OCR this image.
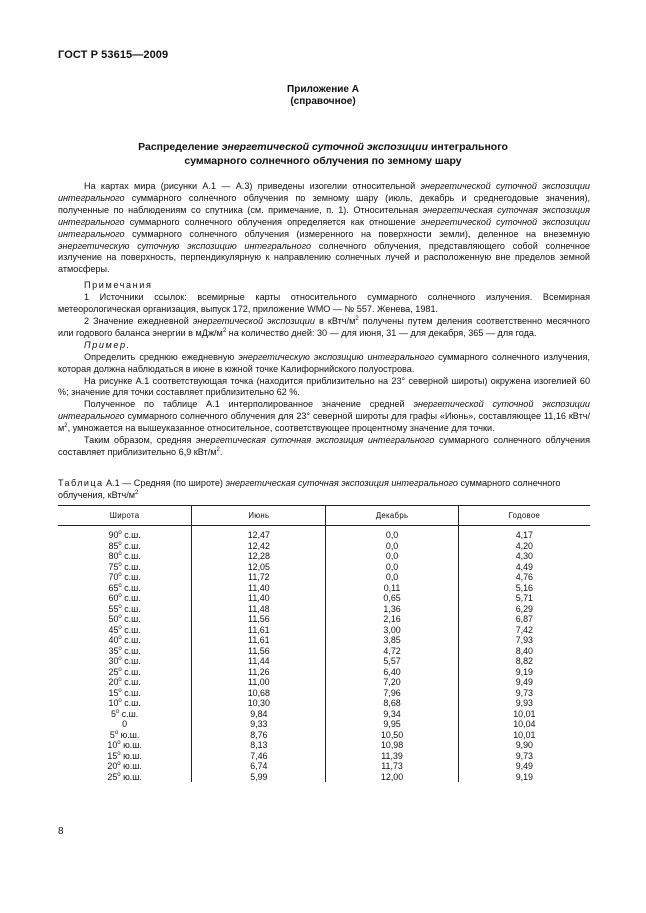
ГОСТ Р 53615—2009
Приложение А
(справочное)
Распределение энергетической суточной экспозиции интегрального
суммарного солнечного облучения по земному шару

На картах мира (рисунки А.1 — А.3) приведены изогелии относительной энергетической суточной экспозиции интегрального суммарного солнечного облучения по земному шару (июль, декабрь и среднегодовые значения), полученные по наблюдениям со спутника (см. примечание, п. 1). Относительная энергетическая суточная экспозиция интегрального суммарного солнечного облучения определяется как отношение энергетической суточной экспозиции интегрального суммарного солнечного облучения (измеренного на поверхности земли), деленное на внеземную энергетическую суточную экспозицию интегрального солнечного облучения, представляющего собой солнечное излучение на поверхность, перпендикулярную к направлению солнечных лучей и расположенную вне пределов земной атмосферы.

Примечания

1 Источники ссылок: всемирные карты относительного суммарного солнечного излучения. Всемирная метеорологическая организация, выпуск 172, приложение WMO — № 557. Женева, 1981.

2 Значение ежедневной энергетической экспозиции в кВтч/$м^2$ получены путем деления соответственно месячного или годового баланса энергии в мДж/$м^2$ на количество дней: 30 — для июня, 31 — для декабря, 365 — для года.

Пример.

Определить среднюю ежедневную энергетическую экспозицию интегрального суммарного солнечного излучения, которая должна наблюдаться в июне в южной точке Калифорнийского полуострова.

На рисунке А.1 соответствующая точка (находится приблизительно на 23° северной широты) окружена изогелией 60 %; значение для точки составляет приблизительно 62 %.

Полученное по таблице А.1 интерполированное значение средней энергетической суточной экспозиции интегрального суммарного солнечного облучения для 23° северной широты для графы «Июнь», составляющее 11,16 кВтч/$м^2$, умножается на вышеуказанное относительное, соответствующее процентному значение для точки.

Таким образом, средняя энергетическая суточная экспозиция интегрального суммарного солнечного облучения составляет приблизительно 6,9 кВт/$м^2$.

Таблица А.1 — Средняя (по широте) энергетическая суточная экспозиция интегрального суммарного солнечного облучения, кВтч/$м^2$
Широта	Июнь	Декабрь	Годовое
$90^о$ с.ш.	12,47	0,0	4,17
$85^о$ с.ш.	12,42	0,0	4,20
$80^о$ с.ш.	12,28	0,0	4,30
$75^о$ с.ш.	12,05	0,0	4,49
$70^о$ с.ш.	11,72	0,0	4,76
$65^о$ с.ш.	11,40	0,11	5,16
$60^о$ с.ш.	11,40	0,65	5,71
$55^о$ с.ш.	11,48	1,36	6,29
$50^о$ с.ш.	11,56	2,16	6,87
$45^о$ с.ш.	11,61	3,00	7,42
$40^о$ с.ш.	11,61	3,85	7,93
$35^о$ с.ш.	11,56	4,72	8,40
$30^о$ с.ш.	11,44	5,57	8,82
$25^о$ с.ш.	11,26	6,40	9,19
$20^о$ с.ш.	11,00	7,20	9,49
$15^о$ с.ш.	10,68	7,96	9,73
$10^о$ с.ш.	10,30	8,68	9,93
$5^о$ с.ш.	9,84	9,34	10,01
0	9,33	9,95	10,04
$5^о$ ю.ш.	8,76	10,50	10,01
$10^о$ ю.ш.	8,13	10,98	9,90
$15^о$ ю.ш.	7,46	11,39	9,73
$20^о$ ю.ш.	6,74	11,73	9,49
$25^о$ ю.ш.	5,99	12,00	9,19
8
